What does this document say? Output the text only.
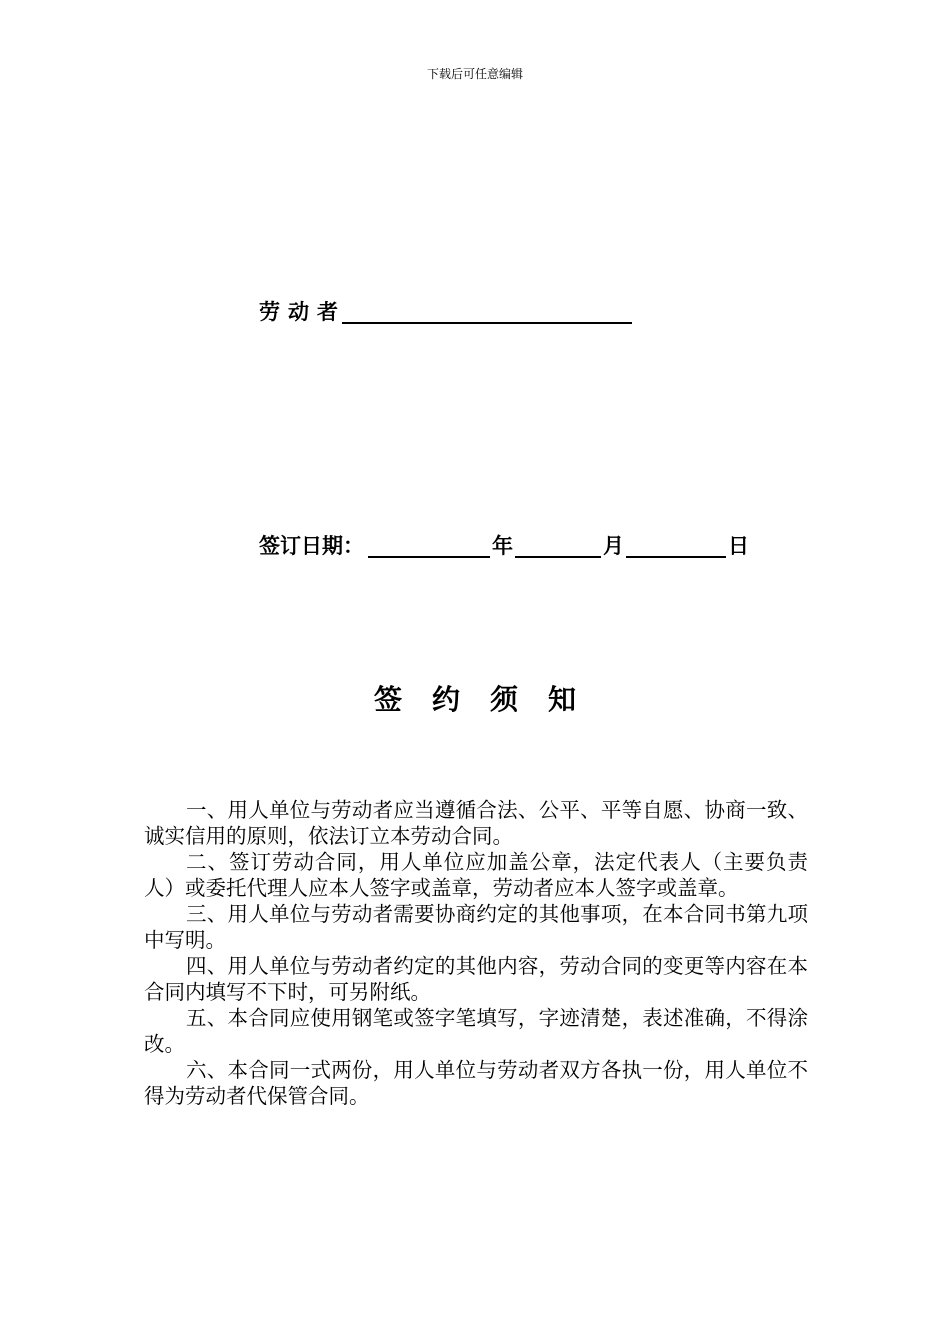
下载后可任意编辑
劳动者
签订日期：	年	月	日
签约须知

一、用人单位与劳动者应当遵循合法、公平、平等自愿、协商一致、诚实信用的原则，依法订立本劳动合同。

二、签订劳动合同，用人单位应加盖公章，法定代表人（主要负责人）或委托代理人应本人签字或盖章，劳动者应本人签字或盖章。

三、用人单位与劳动者需要协商约定的其他事项，在本合同书第九项中写明。

四、用人单位与劳动者约定的其他内容，劳动合同的变更等内容在本合同内填写不下时，可另附纸。

五、本合同应使用钢笔或签字笔填写，字迹清楚，表述准确，不得涂改。

六、本合同一式两份，用人单位与劳动者双方各执一份，用人单位不得为劳动者代保管合同。
